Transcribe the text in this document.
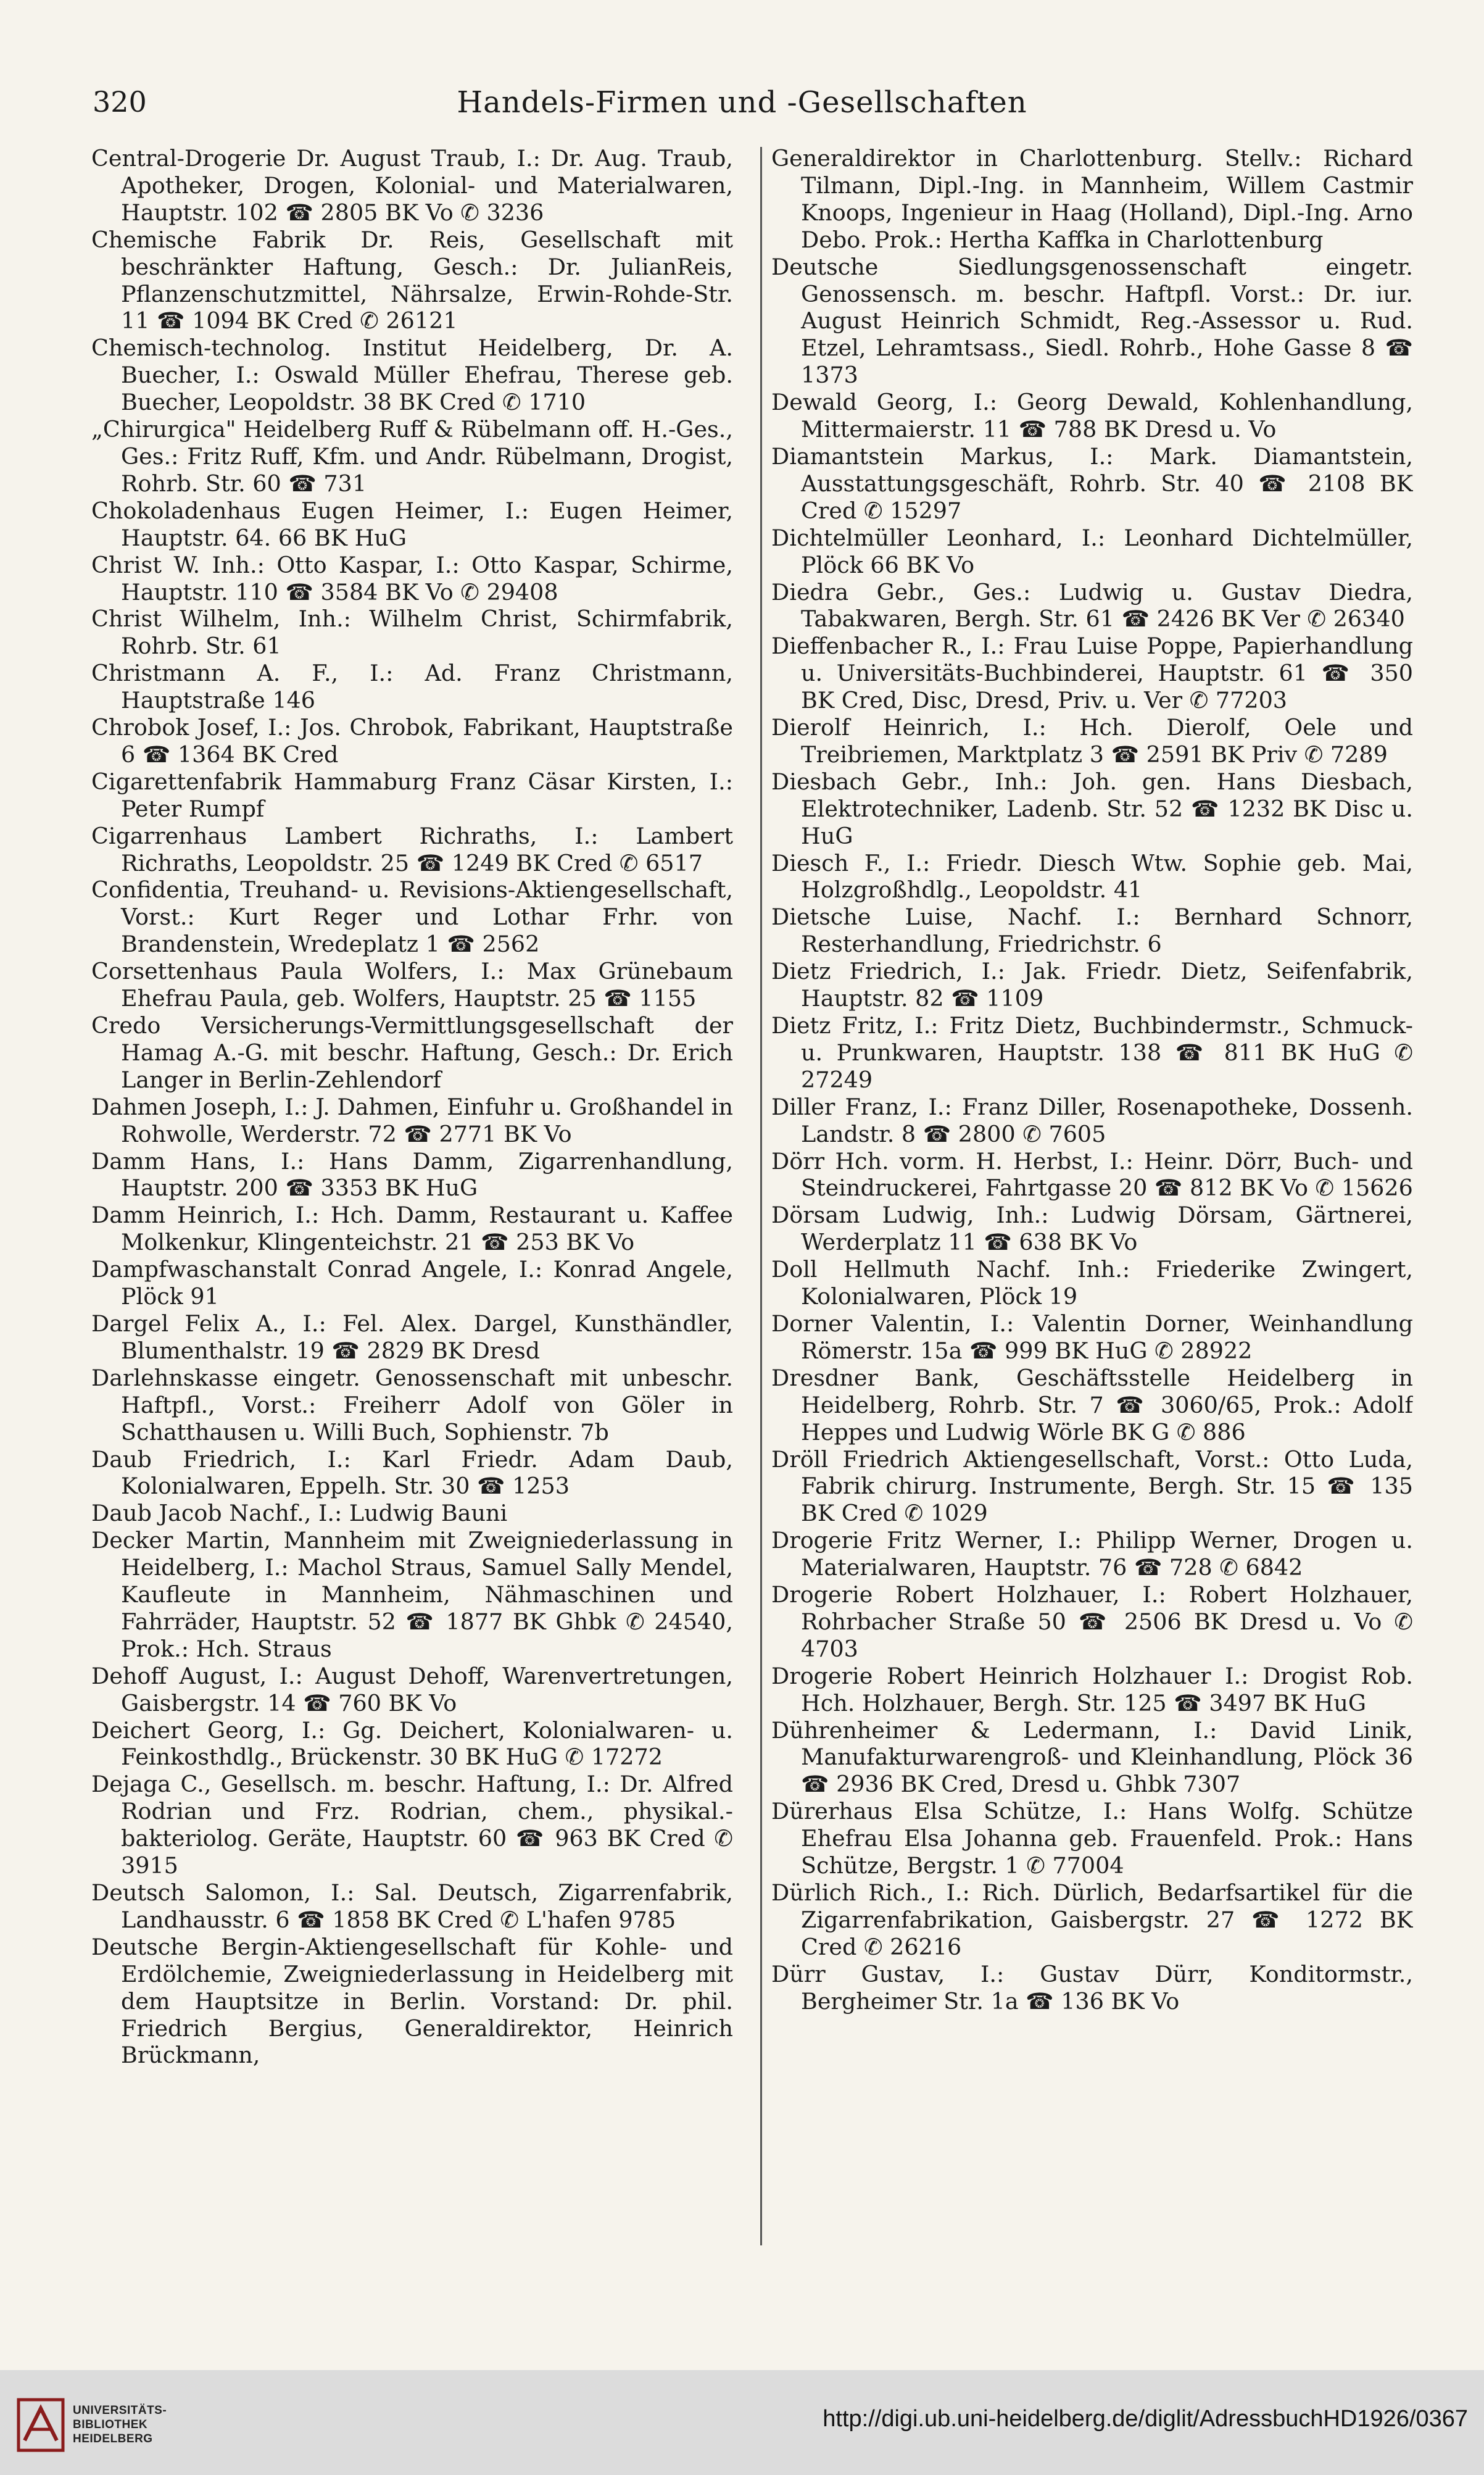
320	Handels-Firmen und -Gesellschaften

Central-Drogerie Dr. August Traub, I.: Dr. Aug. Traub, Apotheker, Drogen, Kolonial- und Materialwaren, Hauptstr. 102 ☎ 2805 BK Vo ✆ 3236

Chemische Fabrik Dr. Reis, Gesellschaft mit beschränkter Haftung, Gesch.: Dr. JulianReis, Pflanzenschutzmittel, Nährsalze, Erwin-Rohde-Str. 11 ☎ 1094 BK Cred ✆ 26121

Chemisch-technolog. Institut Heidelberg, Dr. A. Buecher, I.: Oswald Müller Ehefrau, Therese geb. Buecher, Leopoldstr. 38 BK Cred ✆ 1710

„Chirurgica" Heidelberg Ruff & Rübelmann off. H.-Ges., Ges.: Fritz Ruff, Kfm. und Andr. Rübelmann, Drogist, Rohrb. Str. 60 ☎ 731

Chokoladenhaus Eugen Heimer, I.: Eugen Heimer, Hauptstr. 64. 66 BK HuG

Christ W. Inh.: Otto Kaspar, I.: Otto Kaspar, Schirme, Hauptstr. 110 ☎ 3584 BK Vo ✆ 29408

Christ Wilhelm, Inh.: Wilhelm Christ, Schirmfabrik, Rohrb. Str. 61

Christmann A. F., I.: Ad. Franz Christmann, Hauptstraße 146

Chrobok Josef, I.: Jos. Chrobok, Fabrikant, Hauptstraße 6 ☎ 1364 BK Cred

Cigarettenfabrik Hammaburg Franz Cäsar Kirsten, I.: Peter Rumpf

Cigarrenhaus Lambert Richraths, I.: Lambert Richraths, Leopoldstr. 25 ☎ 1249 BK Cred ✆ 6517

Confidentia, Treuhand- u. Revisions-Aktiengesellschaft, Vorst.: Kurt Reger und Lothar Frhr. von Brandenstein, Wredeplatz 1 ☎ 2562

Corsettenhaus Paula Wolfers, I.: Max Grünebaum Ehefrau Paula, geb. Wolfers, Hauptstr. 25 ☎ 1155

Credo Versicherungs-Vermittlungsgesellschaft der Hamag A.-G. mit beschr. Haftung, Gesch.: Dr. Erich Langer in Berlin-Zehlendorf

Dahmen Joseph, I.: J. Dahmen, Einfuhr u. Großhandel in Rohwolle, Werderstr. 72 ☎ 2771 BK Vo

Damm Hans, I.: Hans Damm, Zigarrenhandlung, Hauptstr. 200 ☎ 3353 BK HuG

Damm Heinrich, I.: Hch. Damm, Restaurant u. Kaffee Molkenkur, Klingenteichstr. 21 ☎ 253 BK Vo

Dampfwaschanstalt Conrad Angele, I.: Konrad Angele, Plöck 91

Dargel Felix A., I.: Fel. Alex. Dargel, Kunsthändler, Blumenthalstr. 19 ☎ 2829 BK Dresd

Darlehnskasse eingetr. Genossenschaft mit unbeschr. Haftpfl., Vorst.: Freiherr Adolf von Göler in Schatthausen u. Willi Buch, Sophienstr. 7b

Daub Friedrich, I.: Karl Friedr. Adam Daub, Kolonialwaren, Eppelh. Str. 30 ☎ 1253

Daub Jacob Nachf., I.: Ludwig Bauni

Decker Martin, Mannheim mit Zweigniederlassung in Heidelberg, I.: Machol Straus, Samuel Sally Mendel, Kaufleute in Mannheim, Nähmaschinen und Fahrräder, Hauptstr. 52 ☎ 1877 BK Ghbk ✆ 24540, Prok.: Hch. Straus

Dehoff August, I.: August Dehoff, Warenvertretungen, Gaisbergstr. 14 ☎ 760 BK Vo

Deichert Georg, I.: Gg. Deichert, Kolonialwaren- u. Feinkosthdlg., Brückenstr. 30 BK HuG ✆ 17272

Dejaga C., Gesellsch. m. beschr. Haftung, I.: Dr. Alfred Rodrian und Frz. Rodrian, chem., physikal.-bakteriolog. Geräte, Hauptstr. 60 ☎ 963 BK Cred ✆ 3915

Deutsch Salomon, I.: Sal. Deutsch, Zigarrenfabrik, Landhausstr. 6 ☎ 1858 BK Cred ✆ L'hafen 9785

Deutsche Bergin-Aktiengesellschaft für Kohle- und Erdölchemie, Zweigniederlassung in Heidelberg mit dem Hauptsitze in Berlin. Vorstand: Dr. phil. Friedrich Bergius, Generaldirektor, Heinrich Brückmann,

Generaldirektor in Charlottenburg. Stellv.: Richard Tilmann, Dipl.-Ing. in Mannheim, Willem Castmir Knoops, Ingenieur in Haag (Holland), Dipl.-Ing. Arno Debo. Prok.: Hertha Kaffka in Charlottenburg

Deutsche Siedlungsgenossenschaft eingetr. Genossensch. m. beschr. Haftpfl. Vorst.: Dr. iur. August Heinrich Schmidt, Reg.-Assessor u. Rud. Etzel, Lehramtsass., Siedl. Rohrb., Hohe Gasse 8 ☎ 1373

Dewald Georg, I.: Georg Dewald, Kohlenhandlung, Mittermaierstr. 11 ☎ 788 BK Dresd u. Vo

Diamantstein Markus, I.: Mark. Diamantstein, Ausstattungsgeschäft, Rohrb. Str. 40 ☎ 2108 BK Cred ✆ 15297

Dichtelmüller Leonhard, I.: Leonhard Dichtelmüller, Plöck 66 BK Vo

Diedra Gebr., Ges.: Ludwig u. Gustav Diedra, Tabakwaren, Bergh. Str. 61 ☎ 2426 BK Ver ✆ 26340

Dieffenbacher R., I.: Frau Luise Poppe, Papierhandlung u. Universitäts-Buchbinderei, Hauptstr. 61 ☎ 350 BK Cred, Disc, Dresd, Priv. u. Ver ✆ 77203

Dierolf Heinrich, I.: Hch. Dierolf, Oele und Treibriemen, Marktplatz 3 ☎ 2591 BK Priv ✆ 7289

Diesbach Gebr., Inh.: Joh. gen. Hans Diesbach, Elektrotechniker, Ladenb. Str. 52 ☎ 1232 BK Disc u. HuG

Diesch F., I.: Friedr. Diesch Wtw. Sophie geb. Mai, Holzgroßhdlg., Leopoldstr. 41

Dietsche Luise, Nachf. I.: Bernhard Schnorr, Resterhandlung, Friedrichstr. 6

Dietz Friedrich, I.: Jak. Friedr. Dietz, Seifenfabrik, Hauptstr. 82 ☎ 1109

Dietz Fritz, I.: Fritz Dietz, Buchbindermstr., Schmuck- u. Prunkwaren, Hauptstr. 138 ☎ 811 BK HuG ✆ 27249

Diller Franz, I.: Franz Diller, Rosenapotheke, Dossenh. Landstr. 8 ☎ 2800 ✆ 7605

Dörr Hch. vorm. H. Herbst, I.: Heinr. Dörr, Buch- und Steindruckerei, Fahrtgasse 20 ☎ 812 BK Vo ✆ 15626

Dörsam Ludwig, Inh.: Ludwig Dörsam, Gärtnerei, Werderplatz 11 ☎ 638 BK Vo

Doll Hellmuth Nachf. Inh.: Friederike Zwingert, Kolonialwaren, Plöck 19

Dorner Valentin, I.: Valentin Dorner, Weinhandlung Römerstr. 15a ☎ 999 BK HuG ✆ 28922

Dresdner Bank, Geschäftsstelle Heidelberg in Heidelberg, Rohrb. Str. 7 ☎ 3060/65, Prok.: Adolf Heppes und Ludwig Wörle BK G ✆ 886

Dröll Friedrich Aktiengesellschaft, Vorst.: Otto Luda, Fabrik chirurg. Instrumente, Bergh. Str. 15 ☎ 135 BK Cred ✆ 1029

Drogerie Fritz Werner, I.: Philipp Werner, Drogen u. Materialwaren, Hauptstr. 76 ☎ 728 ✆ 6842

Drogerie Robert Holzhauer, I.: Robert Holzhauer, Rohrbacher Straße 50 ☎ 2506 BK Dresd u. Vo ✆ 4703

Drogerie Robert Heinrich Holzhauer I.: Drogist Rob. Hch. Holzhauer, Bergh. Str. 125 ☎ 3497 BK HuG

Dührenheimer & Ledermann, I.: David Linik, Manufakturwarengroß- und Kleinhandlung, Plöck 36 ☎ 2936 BK Cred, Dresd u. Ghbk 7307

Dürerhaus Elsa Schütze, I.: Hans Wolfg. Schütze Ehefrau Elsa Johanna geb. Frauenfeld. Prok.: Hans Schütze, Bergstr. 1 ✆ 77004

Dürlich Rich., I.: Rich. Dürlich, Bedarfsartikel für die Zigarrenfabrikation, Gaisbergstr. 27 ☎ 1272 BK Cred ✆ 26216

Dürr Gustav, I.: Gustav Dürr, Konditormstr., Bergheimer Str. 1a ☎ 136 BK Vo

UNIVERSITÄTS-
BIBLIOTHEK
HEIDELBERG
http://digi.ub.uni-heidelberg.de/diglit/AdressbuchHD1926/0367
